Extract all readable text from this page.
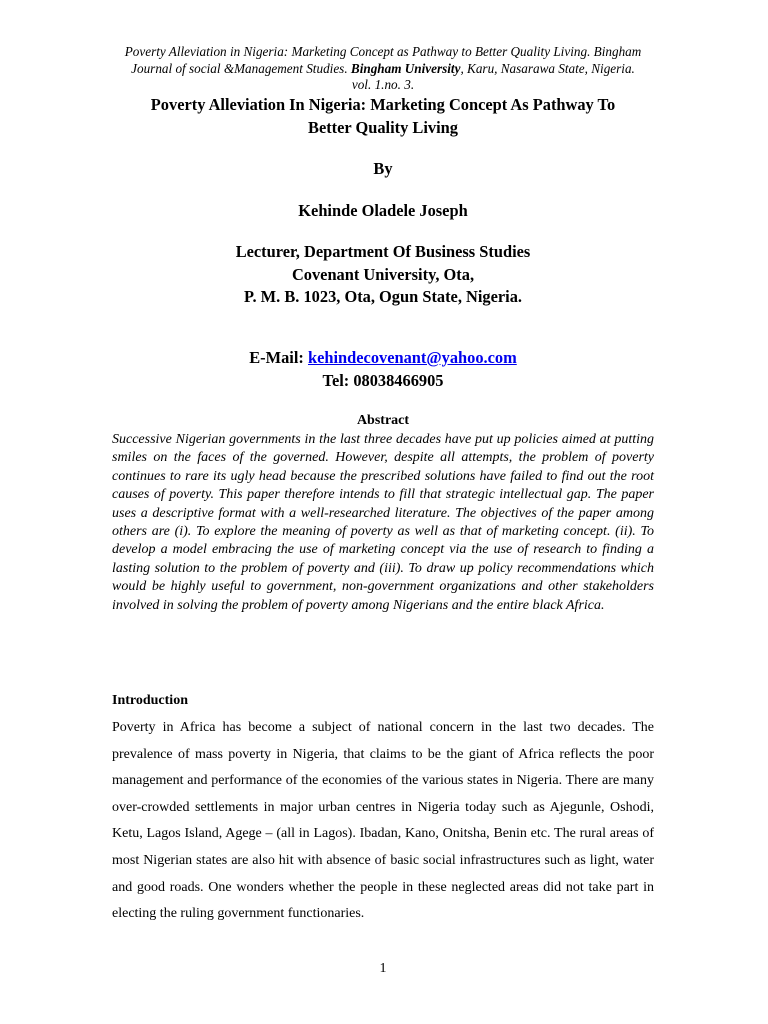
Poverty Alleviation in Nigeria: Marketing Concept as Pathway to Better Quality Living. Bingham
Journal of social &Management Studies. Bingham University, Karu, Nasarawa State, Nigeria.
vol. 1.no. 3.
Poverty Alleviation In Nigeria: Marketing Concept As Pathway To
Better Quality Living
By
Kehinde Oladele Joseph
Lecturer, Department Of Business Studies
Covenant University, Ota,
P. M. B. 1023, Ota, Ogun State, Nigeria.
E-Mail: kehindecovenant@yahoo.com
Tel: 08038466905
Abstract
Successive Nigerian governments in the last three decades have put up policies aimed at putting smiles on the faces of the governed. However, despite all attempts, the problem of poverty continues to rare its ugly head because the prescribed solutions have failed to find out the root causes of poverty. This paper therefore intends to fill that strategic intellectual gap. The paper uses a descriptive format with a well-researched literature. The objectives of the paper among others are (i). To explore the meaning of poverty as well as that of marketing concept. (ii). To develop a model embracing the use of marketing concept via the use of research to finding a lasting solution to the problem of poverty and (iii). To draw up policy recommendations which would be highly useful to government, non-government organizations and other stakeholders involved in solving the problem of poverty among Nigerians and the entire black Africa.
Introduction
Poverty in Africa has become a subject of national concern in the last two decades. The prevalence of mass poverty in Nigeria, that claims to be the giant of Africa reflects the poor management and performance of the economies of the various states in Nigeria. There are many over-crowded settlements in major urban centres in Nigeria today such as Ajegunle, Oshodi, Ketu, Lagos Island, Agege – (all in Lagos). Ibadan, Kano, Onitsha, Benin etc. The rural areas of most Nigerian states are also hit with absence of basic social infrastructures such as light, water and good roads. One wonders whether the people in these neglected areas did not take part in electing the ruling government functionaries.
1
